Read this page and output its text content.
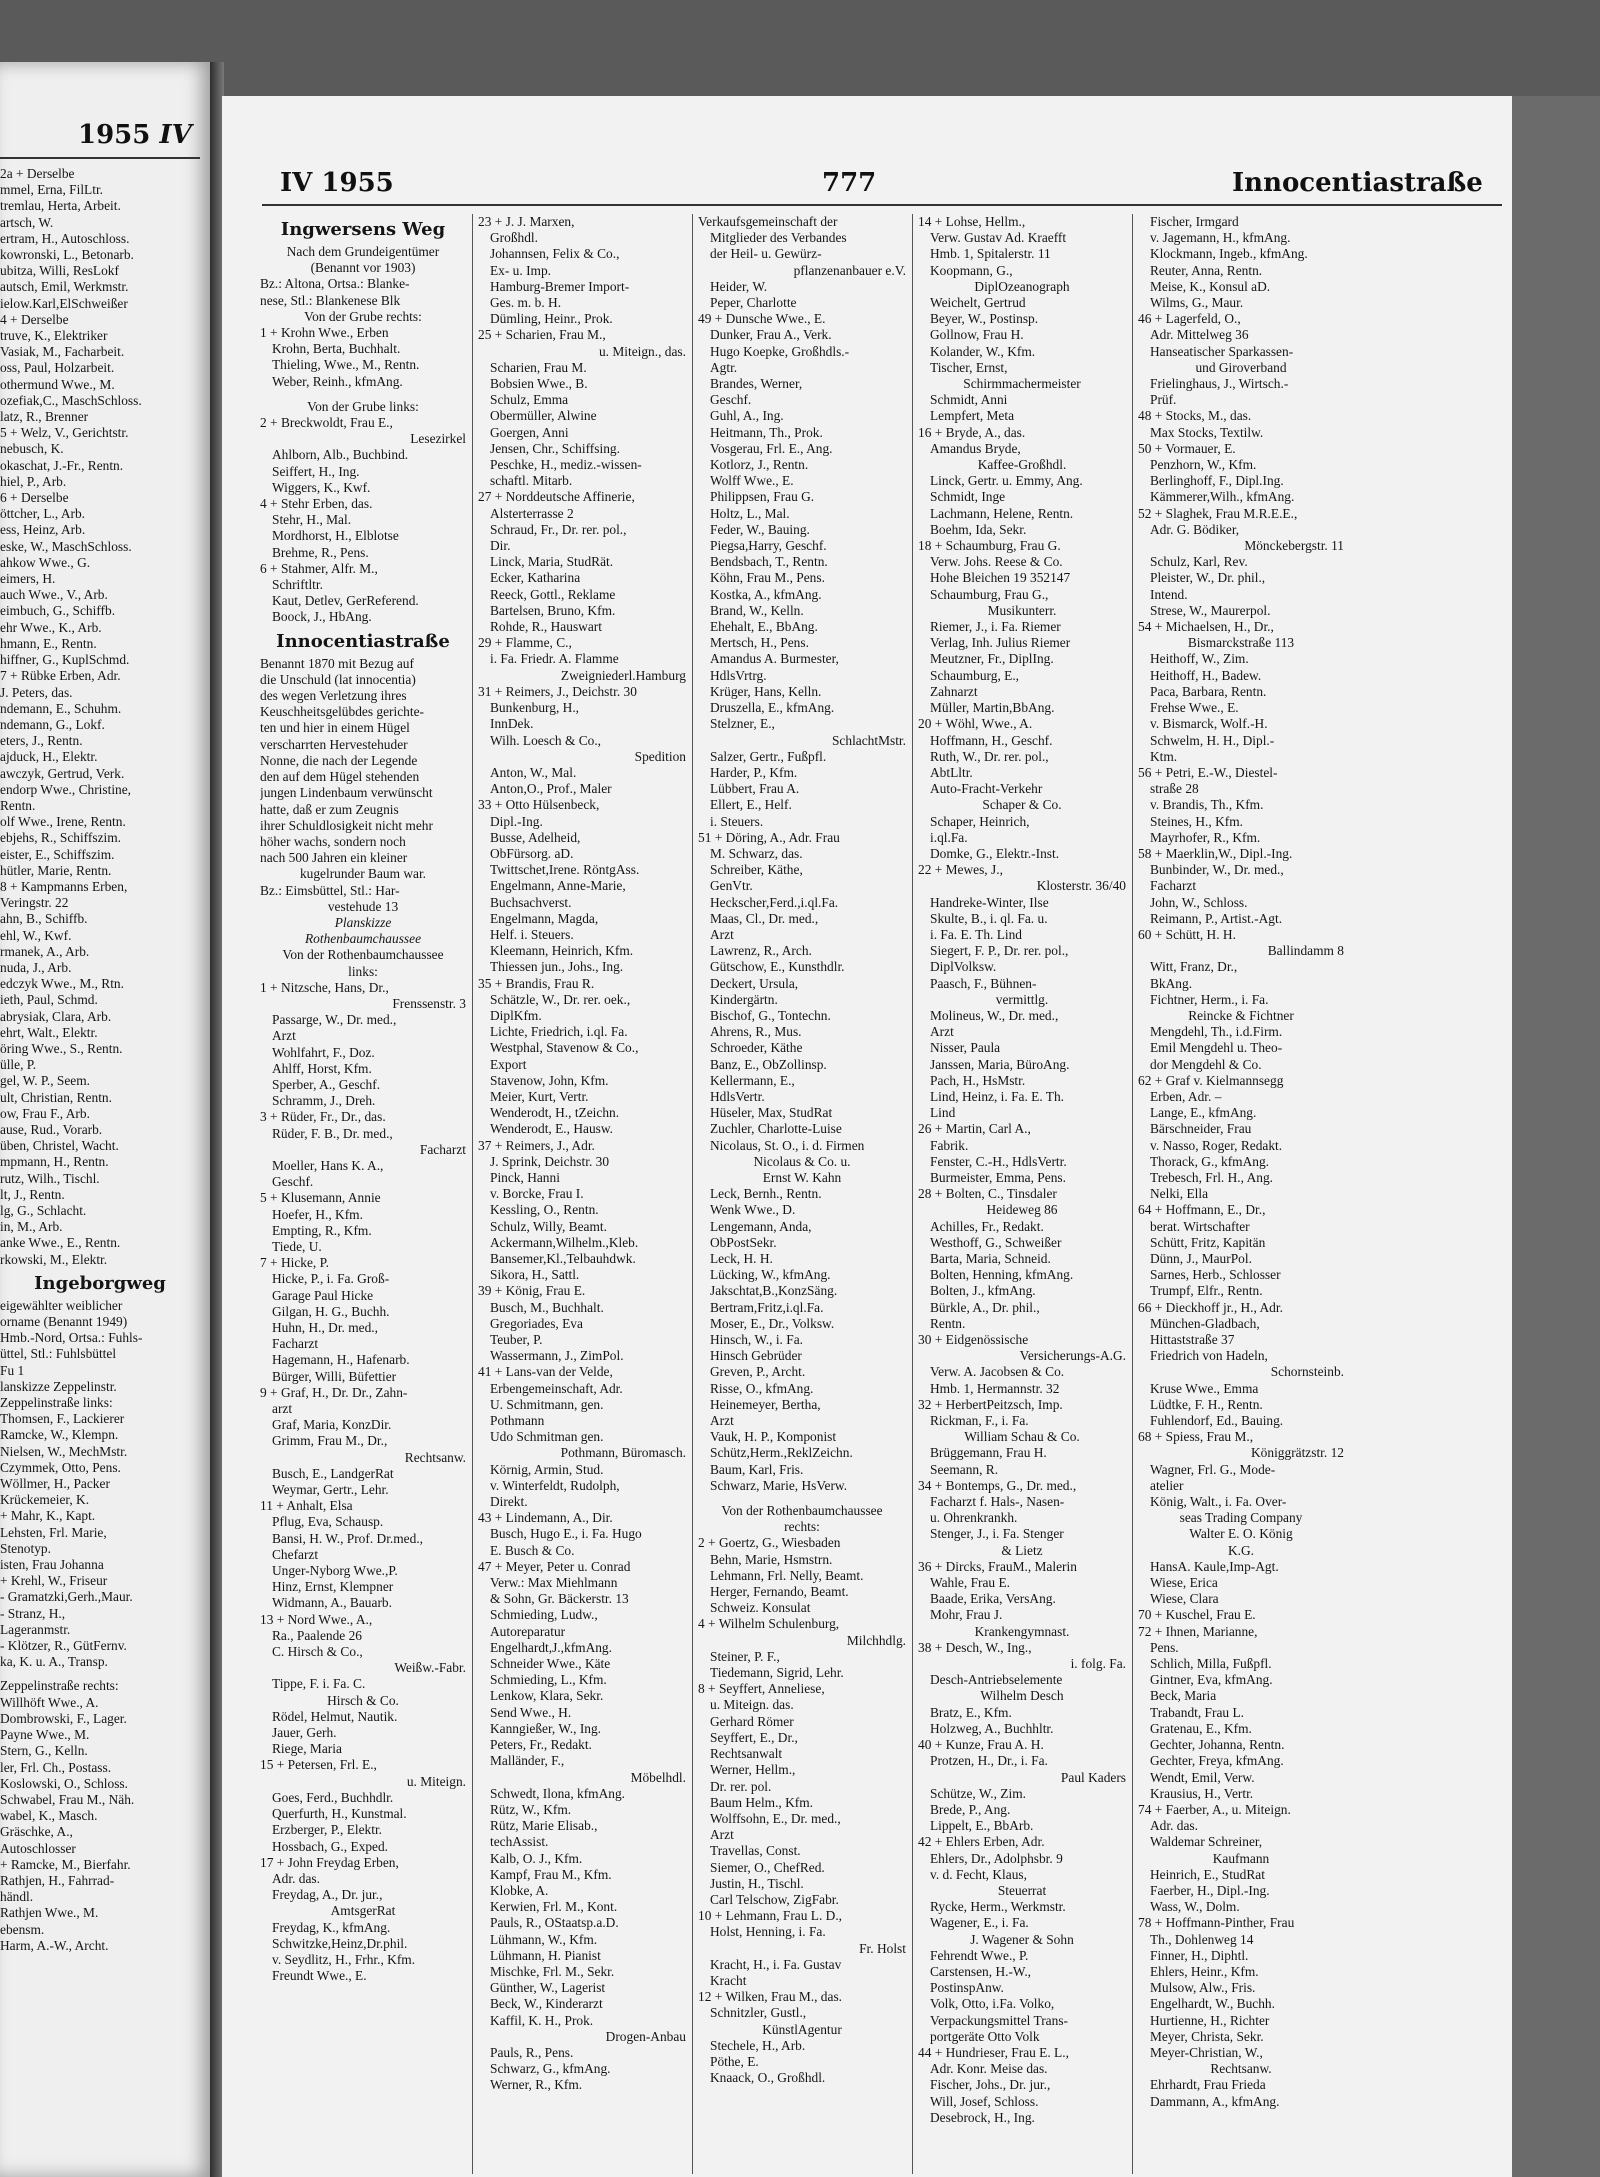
1955 IV
2a + Derselbe
mmel, Erna, FilLtr.
tremlau, Herta, Arbeit.
artsch, W.
ertram, H., Autoschloss.
kowronski, L., Betonarb.
ubitza, Willi, ResLokf
autsch, Emil, Werkmstr.
ielow.Karl,ElSchweißer
4 + Derselbe
truve, K., Elektriker
Vasiak, M., Facharbeit.
oss, Paul, Holzarbeit.
othermund Wwe., M.
ozefiak,C., MaschSchloss.
latz, R., Brenner
5 + Welz, V., Gerichtstr.
nebusch, K.
okaschat, J.-Fr., Rentn.
hiel, P., Arb.
6 + Derselbe
öttcher, L., Arb.
ess, Heinz, Arb.
eske, W., MaschSchloss.
ahkow Wwe., G.
eimers, H.
auch Wwe., V., Arb.
eimbuch, G., Schiffb.
ehr Wwe., K., Arb.
hmann, E., Rentn.
hiffner, G., KuplSchmd.
7 + Rübke Erben, Adr.
J. Peters, das.
ndemann, E., Schuhm.
ndemann, G., Lokf.
eters, J., Rentn.
ajduck, H., Elektr.
awczyk, Gertrud, Verk.
endorp Wwe., Christine,
Rentn.
olf Wwe., Irene, Rentn.
ebjehs, R., Schiffszim.
eister, E., Schiffszim.
hütler, Marie, Rentn.
8 + Kampmanns Erben,
Veringstr. 22
ahn, B., Schiffb.
ehl, W., Kwf.
rmanek, A., Arb.
nuda, J., Arb.
edczyk Wwe., M., Rtn.
ieth, Paul, Schmd.
abrysiak, Clara, Arb.
ehrt, Walt., Elektr.
öring Wwe., S., Rentn.
ülle, P.
gel, W. P., Seem.
ult, Christian, Rentn.
ow, Frau F., Arb.
ause, Rud., Vorarb.
üben, Christel, Wacht.
mpmann, H., Rentn.
rutz, Wilh., Tischl.
lt, J., Rentn.
lg, G., Schlacht.
in, M., Arb.
anke Wwe., E., Rentn.
rkowski, M., Elektr.
Ingeborgweg
eigewählter weiblicher
orname (Benannt 1949)
Hmb.-Nord, Ortsa.: Fuhls-
üttel, Stl.: Fuhlsbüttel
Fu 1
lanskizze Zeppelinstr.
Zeppelinstraße links:
Thomsen, F., Lackierer
Ramcke, W., Klempn.
Nielsen, W., MechMstr.
Czymmek, Otto, Pens.
Wöllmer, H., Packer
Krückemeier, K.
+ Mahr, K., Kapt.
Lehsten, Frl. Marie,
Stenotyp.
isten, Frau Johanna
+ Krehl, W., Friseur
- Gramatzki,Gerh.,Maur.
- Stranz, H.,
Lageranmstr.
- Klötzer, R., GütFernv.
ka, K. u. A., Transp.
Zeppelinstraße rechts:
Willhöft Wwe., A.
Dombrowski, F., Lager.
Payne Wwe., M.
Stern, G., Kelln.
ler, Frl. Ch., Postass.
Koslowski, O., Schloss.
Schwabel, Frau M., Näh.
wabel, K., Masch.
Gräschke, A.,
Autoschlosser
+ Ramcke, M., Bierfahr.
Rathjen, H., Fahrrad-
händl.
Rathjen Wwe., M.
ebensm.
Harm, A.-W., Archt.
IV 1955	777	Innocentiastraße
Ingwersens Weg
Nach dem Grundeigentümer
(Benannt vor 1903)
Bz.: Altona, Ortsa.: Blanke-
nese, Stl.: Blankenese Blk
Von der Grube rechts:
1 + Krohn Wwe., Erben
Krohn, Berta, Buchhalt.
Thieling, Wwe., M., Rentn.
Weber, Reinh., kfmAng.
Von der Grube links:
2 + Breckwoldt, Frau E.,
Lesezirkel
Ahlborn, Alb., Buchbind.
Seiffert, H., Ing.
Wiggers, K., Kwf.
4 + Stehr Erben, das.
Stehr, H., Mal.
Mordhorst, H., Elblotse
Brehme, R., Pens.
6 + Stahmer, Alfr. M.,
Schriftltr.
Kaut, Detlev, GerReferend.
Boock, J., HbAng.
Innocentiastraße
Benannt 1870 mit Bezug auf
die Unschuld (lat innocentia)
des wegen Verletzung ihres
Keuschheitsgelübdes gerichte-
ten und hier in einem Hügel
verscharrten Hervestehuder
Nonne, die nach der Legende
den auf dem Hügel stehenden
jungen Lindenbaum verwünscht
hatte, daß er zum Zeugnis
ihrer Schuldlosigkeit nicht mehr
höher wachs, sondern noch
nach 500 Jahren ein kleiner
kugelrunder Baum war.
Bz.: Eimsbüttel, Stl.: Har-
vestehude 13
Planskizze
Rothenbaumchaussee
Von der Rothenbaumchaussee
links:
1 + Nitzsche, Hans, Dr.,
Frenssenstr. 3
Passarge, W., Dr. med.,
Arzt
Wohlfahrt, F., Doz.
Ahlff, Horst, Kfm.
Sperber, A., Geschf.
Schramm, J., Dreh.
3 + Rüder, Fr., Dr., das.
Rüder, F. B., Dr. med.,
Facharzt
Moeller, Hans K. A.,
Geschf.
5 + Klusemann, Annie
Hoefer, H., Kfm.
Empting, R., Kfm.
Tiede, U.
7 + Hicke, P.
Hicke, P., i. Fa. Groß-
Garage Paul Hicke
Gilgan, H. G., Buchh.
Huhn, H., Dr. med.,
Facharzt
Hagemann, H., Hafenarb.
Bürger, Willi, Büfettier
9 + Graf, H., Dr. Dr., Zahn-
arzt
Graf, Maria, KonzDir.
Grimm, Frau M., Dr.,
Rechtsanw.
Busch, E., LandgerRat
Weymar, Gertr., Lehr.
11 + Anhalt, Elsa
Pflug, Eva, Schausp.
Bansi, H. W., Prof. Dr.med.,
Chefarzt
Unger-Nyborg Wwe.,P.
Hinz, Ernst, Klempner
Widmann, A., Bauarb.
13 + Nord Wwe., A.,
Ra., Paalende 26
C. Hirsch & Co.,
Weißw.-Fabr.
Tippe, F. i. Fa. C.
Hirsch & Co.
Rödel, Helmut, Nautik.
Jauer, Gerh.
Riege, Maria
15 + Petersen, Frl. E.,
u. Miteign.
Goes, Ferd., Buchhdlr.
Querfurth, H., Kunstmal.
Erzberger, P., Elektr.
Hossbach, G., Exped.
17 + John Freydag Erben,
Adr. das.
Freydag, A., Dr. jur.,
AmtsgerRat
Freydag, K., kfmAng.
Schwitzke,Heinz,Dr.phil.
v. Seydlitz, H., Frhr., Kfm.
Freundt Wwe., E.
23 + J. J. Marxen,
Großhdl.
Johannsen, Felix & Co.,
Ex- u. Imp.
Hamburg-Bremer Import-
Ges. m. b. H.
Dümling, Heinr., Prok.
25 + Scharien, Frau M.,
u. Miteign., das.
Scharien, Frau M.
Bobsien Wwe., B.
Schulz, Emma
Obermüller, Alwine
Goergen, Anni
Jensen, Chr., Schiffsing.
Peschke, H., mediz.-wissen-
schaftl. Mitarb.
27 + Norddeutsche Affinerie,
Alsterterrasse 2
Schraud, Fr., Dr. rer. pol.,
Dir.
Linck, Maria, StudRät.
Ecker, Katharina
Reeck, Gottl., Reklame
Bartelsen, Bruno, Kfm.
Rohde, R., Hauswart
29 + Flamme, C.,
i. Fa. Friedr. A. Flamme
Zweigniederl.Hamburg
31 + Reimers, J., Deichstr. 30
Bunkenburg, H.,
InnDek.
Wilh. Loesch & Co.,
Spedition
Anton, W., Mal.
Anton,O., Prof., Maler
33 + Otto Hülsenbeck,
Dipl.-Ing.
Busse, Adelheid,
ObFürsorg. aD.
Twittschet,Irene. RöntgAss.
Engelmann, Anne-Marie,
Buchsachverst.
Engelmann, Magda,
Helf. i. Steuers.
Kleemann, Heinrich, Kfm.
Thiessen jun., Johs., Ing.
35 + Brandis, Frau R.
Schätzle, W., Dr. rer. oek.,
DiplKfm.
Lichte, Friedrich, i.ql. Fa.
Westphal, Stavenow & Co.,
Export
Stavenow, John, Kfm.
Meier, Kurt, Vertr.
Wenderodt, H., tZeichn.
Wenderodt, E., Hausw.
37 + Reimers, J., Adr.
J. Sprink, Deichstr. 30
Pinck, Hanni
v. Borcke, Frau I.
Kessling, O., Rentn.
Schulz, Willy, Beamt.
Ackermann,Wilhelm.,Kleb.
Bansemer,Kl.,Telbauhdwk.
Sikora, H., Sattl.
39 + König, Frau E.
Busch, M., Buchhalt.
Gregoriades, Eva
Teuber, P.
Wassermann, J., ZimPol.
41 + Lans-van der Velde,
Erbengemeinschaft, Adr.
U. Schmitmann, gen.
Pothmann
Udo Schmitman gen.
Pothmann, Büromasch.
Körnig, Armin, Stud.
v. Winterfeldt, Rudolph,
Direkt.
43 + Lindemann, A., Dir.
Busch, Hugo E., i. Fa. Hugo
E. Busch & Co.
47 + Meyer, Peter u. Conrad
Verw.: Max Miehlmann
& Sohn, Gr. Bäckerstr. 13
Schmieding, Ludw.,
Autoreparatur
Engelhardt,J.,kfmAng.
Schneider Wwe., Käte
Schmieding, L., Kfm.
Lenkow, Klara, Sekr.
Send Wwe., H.
Kanngießer, W., Ing.
Peters, Fr., Redakt.
Malländer, F.,
Möbelhdl.
Schwedt, Ilona, kfmAng.
Rütz, W., Kfm.
Rütz, Marie Elisab.,
techAssist.
Kalb, O. J., Kfm.
Kampf, Frau M., Kfm.
Klobke, A.
Kerwien, Frl. M., Kont.
Pauls, R., OStaatsp.a.D.
Lühmann, W., Kfm.
Lühmann, H. Pianist
Mischke, Frl. M., Sekr.
Günther, W., Lagerist
Beck, W., Kinderarzt
Kaffil, K. H., Prok.
Drogen-Anbau
Pauls, R., Pens.
Schwarz, G., kfmAng.
Werner, R., Kfm.
Verkaufsgemeinschaft der
Mitglieder des Verbandes
der Heil- u. Gewürz-
pflanzenanbauer e.V.
Heider, W.
Peper, Charlotte
49 + Dunsche Wwe., E.
Dunker, Frau A., Verk.
Hugo Koepke, Großhdls.-
Agtr.
Brandes, Werner,
Geschf.
Guhl, A., Ing.
Heitmann, Th., Prok.
Vosgerau, Frl. E., Ang.
Kotlorz, J., Rentn.
Wolff Wwe., E.
Philippsen, Frau G.
Holtz, L., Mal.
Feder, W., Bauing.
Piegsa,Harry, Geschf.
Bendsbach, T., Rentn.
Köhn, Frau M., Pens.
Kostka, A., kfmAng.
Brand, W., Kelln.
Ehehalt, E., BbAng.
Mertsch, H., Pens.
Amandus A. Burmester,
HdlsVrtrg.
Krüger, Hans, Kelln.
Druszella, E., kfmAng.
Stelzner, E.,
SchlachtMstr.
Salzer, Gertr., Fußpfl.
Harder, P., Kfm.
Lübbert, Frau A.
Ellert, E., Helf.
i. Steuers.
51 + Döring, A., Adr. Frau
M. Schwarz, das.
Schreiber, Käthe,
GenVtr.
Heckscher,Ferd.,i.ql.Fa.
Maas, Cl., Dr. med.,
Arzt
Lawrenz, R., Arch.
Gütschow, E., Kunsthdlr.
Deckert, Ursula,
Kindergärtn.
Bischof, G., Tontechn.
Ahrens, R., Mus.
Schroeder, Käthe
Banz, E., ObZollinsp.
Kellermann, E.,
HdlsVertr.
Hüseler, Max, StudRat
Zuchler, Charlotte-Luise
Nicolaus, St. O., i. d. Firmen
Nicolaus & Co. u.
Ernst W. Kahn
Leck, Bernh., Rentn.
Wenk Wwe., D.
Lengemann, Anda,
ObPostSekr.
Leck, H. H.
Lücking, W., kfmAng.
Jakschtat,B.,KonzSäng.
Bertram,Fritz,i.ql.Fa.
Moser, E., Dr., Volksw.
Hinsch, W., i. Fa.
Hinsch Gebrüder
Greven, P., Archt.
Risse, O., kfmAng.
Heinemeyer, Bertha,
Arzt
Vauk, H. P., Komponist
Schütz,Herm.,ReklZeichn.
Baum, Karl, Fris.
Schwarz, Marie, HsVerw.
Von der Rothenbaumchaussee
rechts:
2 + Goertz, G., Wiesbaden
Behn, Marie, Hsmstrn.
Lehmann, Frl. Nelly, Beamt.
Herger, Fernando, Beamt.
Schweiz. Konsulat
4 + Wilhelm Schulenburg,
Milchhdlg.
Steiner, P. F.,
Tiedemann, Sigrid, Lehr.
8 + Seyffert, Anneliese,
u. Miteign. das.
Gerhard Römer
Seyffert, E., Dr.,
Rechtsanwalt
Werner, Hellm.,
Dr. rer. pol.
Baum Helm., Kfm.
Wolffsohn, E., Dr. med.,
Arzt
Travellas, Const.
Siemer, O., ChefRed.
Justin, H., Tischl.
Carl Telschow, ZigFabr.
10 + Lehmann, Frau L. D.,
Holst, Henning, i. Fa.
Fr. Holst
Kracht, H., i. Fa. Gustav
Kracht
12 + Wilken, Frau M., das.
Schnitzler, Gustl.,
KünstlAgentur
Stechele, H., Arb.
Pöthe, E.
Knaack, O., Großhdl.
14 + Lohse, Hellm.,
Verw. Gustav Ad. Kraefft
Hmb. 1, Spitalerstr. 11
Koopmann, G.,
DiplOzeanograph
Weichelt, Gertrud
Beyer, W., Postinsp.
Gollnow, Frau H.
Kolander, W., Kfm.
Tischer, Ernst,
Schirmmachermeister
Schmidt, Anni
Lempfert, Meta
16 + Bryde, A., das.
Amandus Bryde,
Kaffee-Großhdl.
Linck, Gertr. u. Emmy, Ang.
Schmidt, Inge
Lachmann, Helene, Rentn.
Boehm, Ida, Sekr.
18 + Schaumburg, Frau G.
Verw. Johs. Reese & Co.
Hohe Bleichen 19 352147
Schaumburg, Frau G.,
Musikunterr.
Riemer, J., i. Fa. Riemer
Verlag, Inh. Julius Riemer
Meutzner, Fr., DiplIng.
Schaumburg, E.,
Zahnarzt
Müller, Martin,BbAng.
20 + Wöhl, Wwe., A.
Hoffmann, H., Geschf.
Ruth, W., Dr. rer. pol.,
AbtLltr.
Auto-Fracht-Verkehr
Schaper & Co.
Schaper, Heinrich,
i.ql.Fa.
Domke, G., Elektr.-Inst.
22 + Mewes, J.,
Klosterstr. 36/40
Handreke-Winter, Ilse
Skulte, B., i. ql. Fa. u.
i. Fa. E. Th. Lind
Siegert, F. P., Dr. rer. pol.,
DiplVolksw.
Paasch, F., Bühnen-
vermittlg.
Molineus, W., Dr. med.,
Arzt
Nisser, Paula
Janssen, Maria, BüroAng.
Pach, H., HsMstr.
Lind, Heinz, i. Fa. E. Th.
Lind
26 + Martin, Carl A.,
Fabrik.
Fenster, C.-H., HdlsVertr.
Burmeister, Emma, Pens.
28 + Bolten, C., Tinsdaler
Heideweg 86
Achilles, Fr., Redakt.
Westhoff, G., Schweißer
Barta, Maria, Schneid.
Bolten, Henning, kfmAng.
Bolten, J., kfmAng.
Bürkle, A., Dr. phil.,
Rentn.
30 + Eidgenössische
Versicherungs-A.G.
Verw. A. Jacobsen & Co.
Hmb. 1, Hermannstr. 32
32 + HerbertPeitzsch, Imp.
Rickman, F., i. Fa.
William Schau & Co.
Brüggemann, Frau H.
Seemann, R.
34 + Bontemps, G., Dr. med.,
Facharzt f. Hals-, Nasen-
u. Ohrenkrankh.
Stenger, J., i. Fa. Stenger
& Lietz
36 + Dircks, FrauM., Malerin
Wahle, Frau E.
Baade, Erika, VersAng.
Mohr, Frau J.
Krankengymnast.
38 + Desch, W., Ing.,
i. folg. Fa.
Desch-Antriebselemente
Wilhelm Desch
Bratz, E., Kfm.
Holzweg, A., Buchhltr.
40 + Kunze, Frau A. H.
Protzen, H., Dr., i. Fa.
Paul Kaders
Schütze, W., Zim.
Brede, P., Ang.
Lippelt, E., BbArb.
42 + Ehlers Erben, Adr.
Ehlers, Dr., Adolphsbr. 9
v. d. Fecht, Klaus,
Steuerrat
Rycke, Herm., Werkmstr.
Wagener, E., i. Fa.
J. Wagener & Sohn
Fehrendt Wwe., P.
Carstensen, H.-W.,
PostinspAnw.
Volk, Otto, i.Fa. Volko,
Verpackungsmittel Trans-
portgeräte Otto Volk
44 + Hundrieser, Frau E. L.,
Adr. Konr. Meise das.
Fischer, Johs., Dr. jur.,
Will, Josef, Schloss.
Desebrock, H., Ing.
Fischer, Irmgard
v. Jagemann, H., kfmAng.
Klockmann, Ingeb., kfmAng.
Reuter, Anna, Rentn.
Meise, K., Konsul aD.
Wilms, G., Maur.
46 + Lagerfeld, O.,
Adr. Mittelweg 36
Hanseatischer Sparkassen-
und Giroverband
Frielinghaus, J., Wirtsch.-
Prüf.
48 + Stocks, M., das.
Max Stocks, Textilw.
50 + Vormauer, E.
Penzhorn, W., Kfm.
Berlinghoff, F., Dipl.Ing.
Kämmerer,Wilh., kfmAng.
52 + Slaghek, Frau M.R.E.E.,
Adr. G. Bödiker,
Mönckebergstr. 11
Schulz, Karl, Rev.
Pleister, W., Dr. phil.,
Intend.
Strese, W., Maurerpol.
54 + Michaelsen, H., Dr.,
Bismarckstraße 113
Heithoff, W., Zim.
Heithoff, H., Badew.
Paca, Barbara, Rentn.
Frehse Wwe., E.
v. Bismarck, Wolf.-H.
Schwelm, H. H., Dipl.-
Ktm.
56 + Petri, E.-W., Diestel-
straße 28
v. Brandis, Th., Kfm.
Steines, H., Kfm.
Mayrhofer, R., Kfm.
58 + Maerklin,W., Dipl.-Ing.
Bunbinder, W., Dr. med.,
Facharzt
John, W., Schloss.
Reimann, P., Artist.-Agt.
60 + Schütt, H. H.
Ballindamm 8
Witt, Franz, Dr.,
BkAng.
Fichtner, Herm., i. Fa.
Reincke & Fichtner
Mengdehl, Th., i.d.Firm.
Emil Mengdehl u. Theo-
dor Mengdehl & Co.
62 + Graf v. Kielmannsegg
Erben, Adr. –
Lange, E., kfmAng.
Bärschneider, Frau
v. Nasso, Roger, Redakt.
Thorack, G., kfmAng.
Trebesch, Frl. H., Ang.
Nelki, Ella
64 + Hoffmann, E., Dr.,
berat. Wirtschafter
Schütt, Fritz, Kapitän
Dünn, J., MaurPol.
Sarnes, Herb., Schlosser
Trumpf, Elfr., Rentn.
66 + Dieckhoff jr., H., Adr.
München-Gladbach,
Hittaststraße 37
Friedrich von Hadeln,
Schornsteinb.
Kruse Wwe., Emma
Lüdtke, F. H., Rentn.
Fuhlendorf, Ed., Bauing.
68 + Spiess, Frau M.,
Königgrätzstr. 12
Wagner, Frl. G., Mode-
atelier
König, Walt., i. Fa. Over-
seas Trading Company
Walter E. O. König
K.G.
HansA. Kaule,Imp-Agt.
Wiese, Erica
Wiese, Clara
70 + Kuschel, Frau E.
72 + Ihnen, Marianne,
Pens.
Schlich, Milla, Fußpfl.
Gintner, Eva, kfmAng.
Beck, Maria
Trabandt, Frau L.
Gratenau, E., Kfm.
Gechter, Johanna, Rentn.
Gechter, Freya, kfmAng.
Wendt, Emil, Verw.
Krausius, H., Vertr.
74 + Faerber, A., u. Miteign.
Adr. das.
Waldemar Schreiner,
Kaufmann
Heinrich, E., StudRat
Faerber, H., Dipl.-Ing.
Wass, W., Dolm.
78 + Hoffmann-Pinther, Frau
Th., Dohlenweg 14
Finner, H., Diphtl.
Ehlers, Heinr., Kfm.
Mulsow, Alw., Fris.
Engelhardt, W., Buchh.
Hurtienne, H., Richter
Meyer, Christa, Sekr.
Meyer-Christian, W.,
Rechtsanw.
Ehrhardt, Frau Frieda
Dammann, A., kfmAng.
